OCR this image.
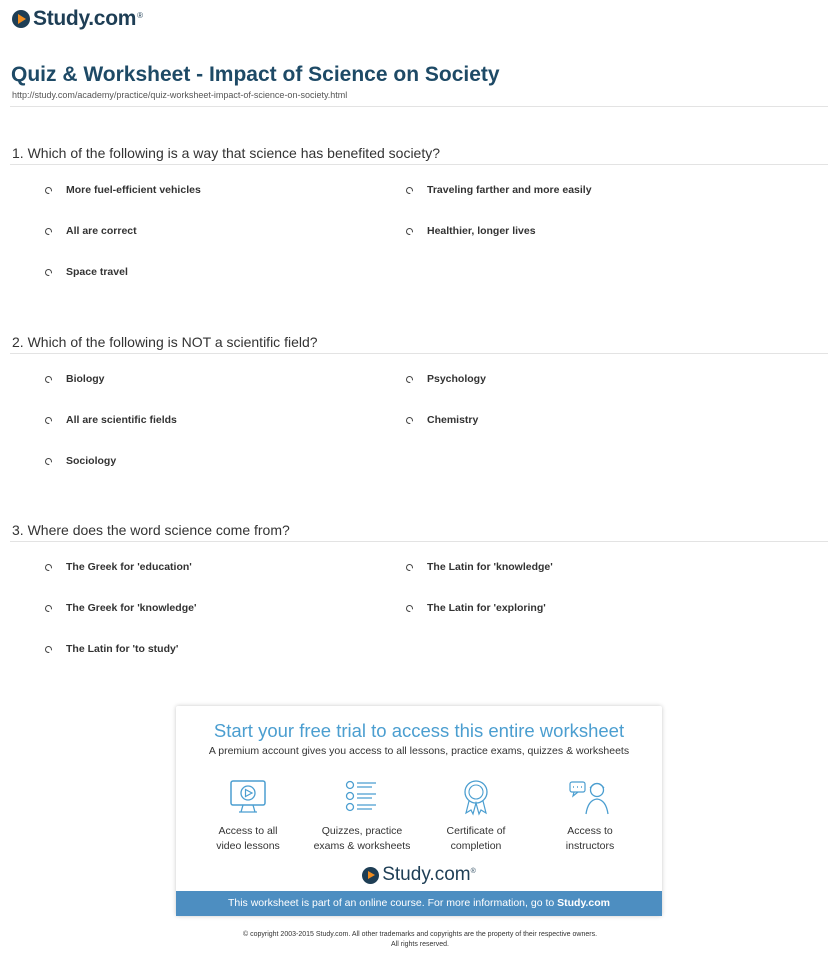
Study.com ®
Quiz & Worksheet - Impact of Science on Society
http://study.com/academy/practice/quiz-worksheet-impact-of-science-on-society.html
1. Which of the following is a way that science has benefited society?
More fuel-efficient vehicles	Traveling farther and more easily
All are correct	Healthier, longer lives
Space travel
2. Which of the following is NOT a scientific field?
Biology	Psychology
All are scientific fields	Chemistry
Sociology
3. Where does the word science come from?
The Greek for 'education'	The Latin for 'knowledge'
The Greek for 'knowledge'	The Latin for 'exploring'
The Latin for 'to study'
Start your free trial to access this entire worksheet
A premium account gives you access to all lessons, practice exams, quizzes & worksheets
Access to all
video lessons
Quizzes, practice
exams & worksheets
Certificate of
completion
Access to
instructors
Study.com ®
This worksheet is part of an online course. For more information, go to Study.com
© copyright 2003-2015 Study.com. All other trademarks and copyrights are the property of their respective owners.
All rights reserved.
